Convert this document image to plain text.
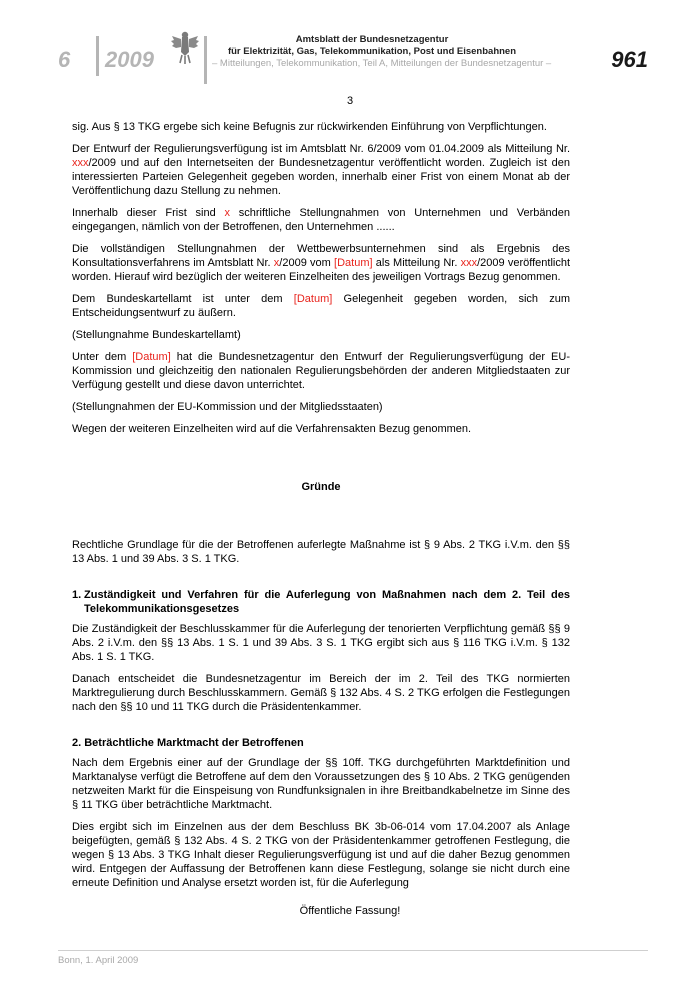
6 2009
Amtsblatt der Bundesnetzagentur
für Elektrizität, Gas, Telekommunikation, Post und Eisenbahnen
– Mitteilungen, Telekommunikation, Teil A, Mitteilungen der Bundesnetzagentur –	961
3

sig. Aus § 13 TKG ergebe sich keine Befugnis zur rückwirkenden Einführung von Verpflichtungen.

Der Entwurf der Regulierungsverfügung ist im Amtsblatt Nr. 6/2009 vom 01.04.2009 als Mitteilung Nr. xxx/2009 und auf den Internetseiten der Bundesnetzagentur veröffentlicht worden. Zugleich ist den interessierten Parteien Gelegenheit gegeben worden, innerhalb einer Frist von einem Monat ab der Veröffentlichung dazu Stellung zu nehmen.

Innerhalb dieser Frist sind x schriftliche Stellungnahmen von Unternehmen und Verbänden eingegangen, nämlich von der Betroffenen, den Unternehmen ......

Die vollständigen Stellungnahmen der Wettbewerbsunternehmen sind als Ergebnis des Konsultationsverfahrens im Amtsblatt Nr. x/2009 vom [Datum] als Mitteilung Nr. xxx/2009 veröffentlicht worden. Hierauf wird bezüglich der weiteren Einzelheiten des jeweiligen Vortrags Bezug genommen.

Dem Bundeskartellamt ist unter dem [Datum] Gelegenheit gegeben worden, sich zum Entscheidungsentwurf zu äußern.

(Stellungnahme Bundeskartellamt)

Unter dem [Datum] hat die Bundesnetzagentur den Entwurf der Regulierungsverfügung der EU-Kommission und gleichzeitig den nationalen Regulierungsbehörden der anderen Mitgliedstaaten zur Verfügung gestellt und diese davon unterrichtet.

(Stellungnahmen der EU-Kommission und der Mitgliedsstaaten)

Wegen der weiteren Einzelheiten wird auf die Verfahrensakten Bezug genommen.

Gründe

Rechtliche Grundlage für die der Betroffenen auferlegte Maßnahme ist § 9 Abs. 2 TKG i.V.m. den §§ 13 Abs. 1 und 39 Abs. 3 S. 1 TKG.

1. Zuständigkeit und Verfahren für die Auferlegung von Maßnahmen nach dem 2. Teil des Telekommunikationsgesetzes

Die Zuständigkeit der Beschlusskammer für die Auferlegung der tenorierten Verpflichtung gemäß §§ 9 Abs. 2 i.V.m. den §§ 13 Abs. 1 S. 1 und 39 Abs. 3 S. 1 TKG ergibt sich aus § 116 TKG i.V.m. § 132 Abs. 1 S. 1 TKG.

Danach entscheidet die Bundesnetzagentur im Bereich der im 2. Teil des TKG normierten Marktregulierung durch Beschlusskammern. Gemäß § 132 Abs. 4 S. 2 TKG erfolgen die Festlegungen nach den §§ 10 und 11 TKG durch die Präsidentenkammer.

2. Beträchtliche Marktmacht der Betroffenen

Nach dem Ergebnis einer auf der Grundlage der §§ 10ff. TKG durchgeführten Marktdefinition und Marktanalyse verfügt die Betroffene auf dem den Voraussetzungen des § 10 Abs. 2 TKG genügenden netzweiten Markt für die Einspeisung von Rundfunksignalen in ihre Breitbandkabelnetze im Sinne des § 11 TKG über beträchtliche Marktmacht.

Dies ergibt sich im Einzelnen aus der dem Beschluss BK 3b-06-014 vom 17.04.2007 als Anlage beigefügten, gemäß § 132 Abs. 4 S. 2 TKG von der Präsidentenkammer getroffenen Festlegung, die wegen § 13 Abs. 3 TKG Inhalt dieser Regulierungsverfügung ist und auf die daher Bezug genommen wird. Entgegen der Auffassung der Betroffenen kann diese Festlegung, solange sie nicht durch eine erneute Definition und Analyse ersetzt worden ist, für die Auferlegung

Öffentliche Fassung!
Bonn, 1. April 2009
